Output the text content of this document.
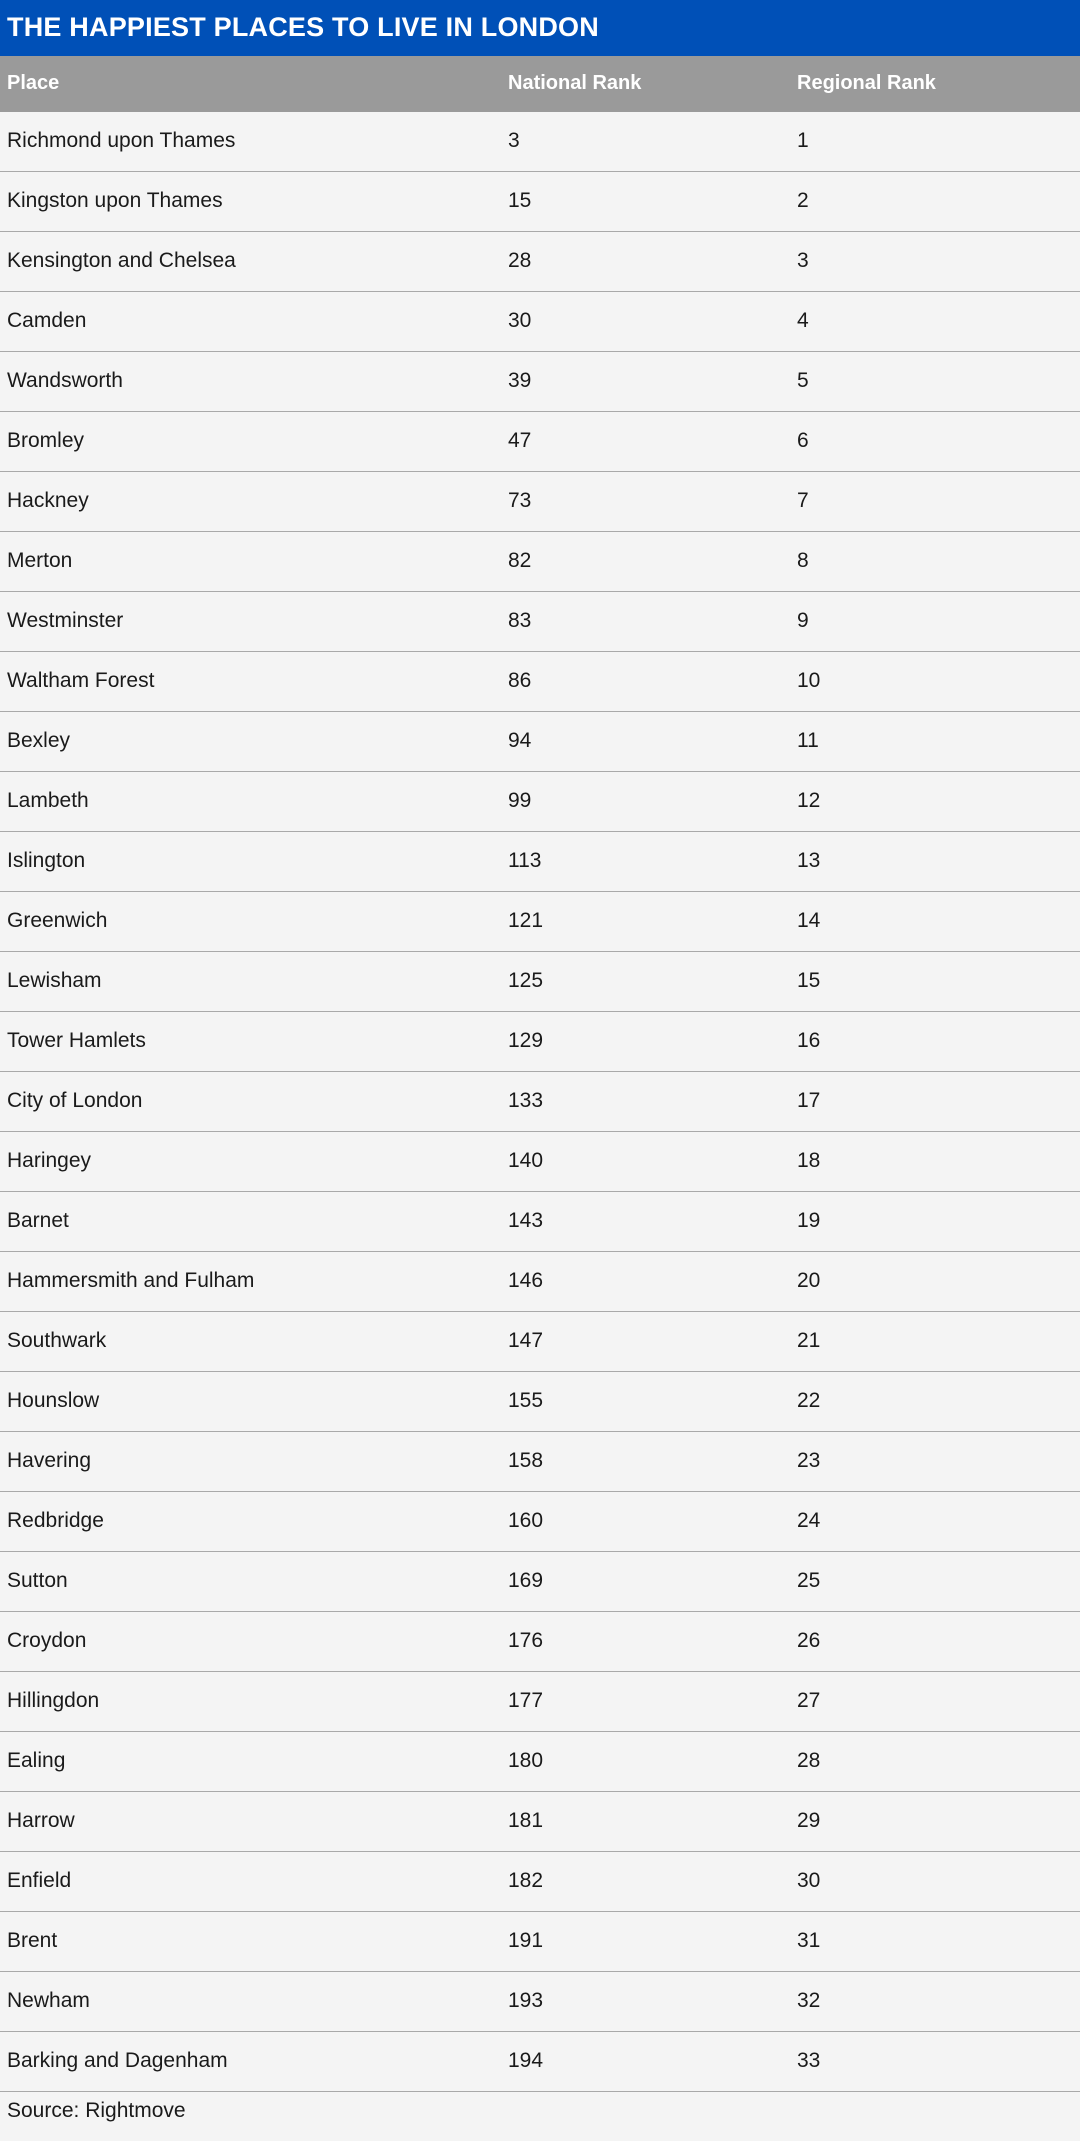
THE HAPPIEST PLACES TO LIVE IN LONDON
Place	National Rank	Regional Rank
Richmond upon Thames	3	1
Kingston upon Thames	15	2
Kensington and Chelsea	28	3
Camden	30	4
Wandsworth	39	5
Bromley	47	6
Hackney	73	7
Merton	82	8
Westminster	83	9
Waltham Forest	86	10
Bexley	94	11
Lambeth	99	12
Islington	113	13
Greenwich	121	14
Lewisham	125	15
Tower Hamlets	129	16
City of London	133	17
Haringey	140	18
Barnet	143	19
Hammersmith and Fulham	146	20
Southwark	147	21
Hounslow	155	22
Havering	158	23
Redbridge	160	24
Sutton	169	25
Croydon	176	26
Hillingdon	177	27
Ealing	180	28
Harrow	181	29
Enfield	182	30
Brent	191	31
Newham	193	32
Barking and Dagenham	194	33
Source: Rightmove
